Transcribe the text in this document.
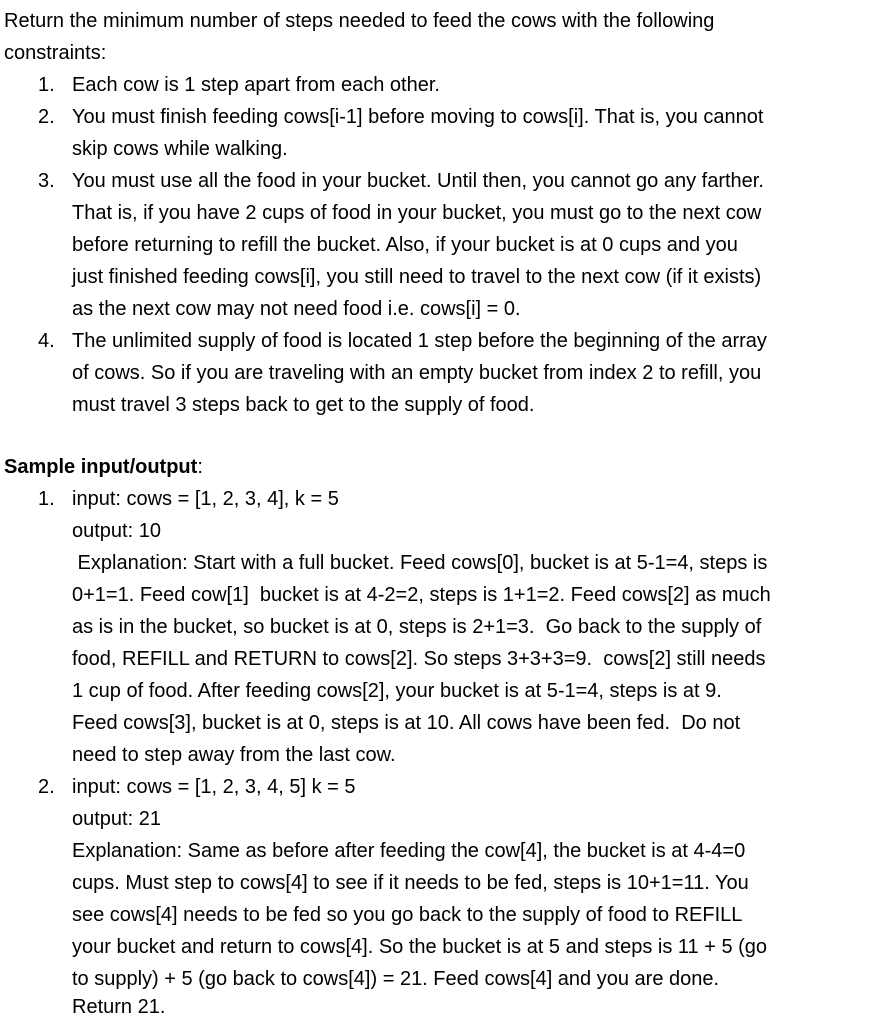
Return the minimum number of steps needed to feed the cows with the following
constraints:
1. Each cow is 1 step apart from each other.
2. You must finish feeding cows[i-1] before moving to cows[i]. That is, you cannot
skip cows while walking.
3. You must use all the food in your bucket. Until then, you cannot go any farther.
That is, if you have 2 cups of food in your bucket, you must go to the next cow
before returning to refill the bucket. Also, if your bucket is at 0 cups and you
just finished feeding cows[i], you still need to travel to the next cow (if it exists)
as the next cow may not need food i.e. cows[i] = 0.
4. The unlimited supply of food is located 1 step before the beginning of the array
of cows. So if you are traveling with an empty bucket from index 2 to refill, you
must travel 3 steps back to get to the supply of food.
Sample input/output:
1. input: cows = [1, 2, 3, 4], k = 5
output: 10
Explanation: Start with a full bucket. Feed cows[0], bucket is at 5-1=4, steps is
0+1=1. Feed cow[1]  bucket is at 4-2=2, steps is 1+1=2. Feed cows[2] as much
as is in the bucket, so bucket is at 0, steps is 2+1=3.  Go back to the supply of
food, REFILL and RETURN to cows[2]. So steps 3+3+3=9.  cows[2] still needs
1 cup of food. After feeding cows[2], your bucket is at 5-1=4, steps is at 9.
Feed cows[3], bucket is at 0, steps is at 10. All cows have been fed.  Do not
need to step away from the last cow.
2. input: cows = [1, 2, 3, 4, 5] k = 5
output: 21
Explanation: Same as before after feeding the cow[4], the bucket is at 4-4=0
cups. Must step to cows[4] to see if it needs to be fed, steps is 10+1=11. You
see cows[4] needs to be fed so you go back to the supply of food to REFILL
your bucket and return to cows[4]. So the bucket is at 5 and steps is 11 + 5 (go
to supply) + 5 (go back to cows[4]) = 21. Feed cows[4] and you are done.
Return 21.
